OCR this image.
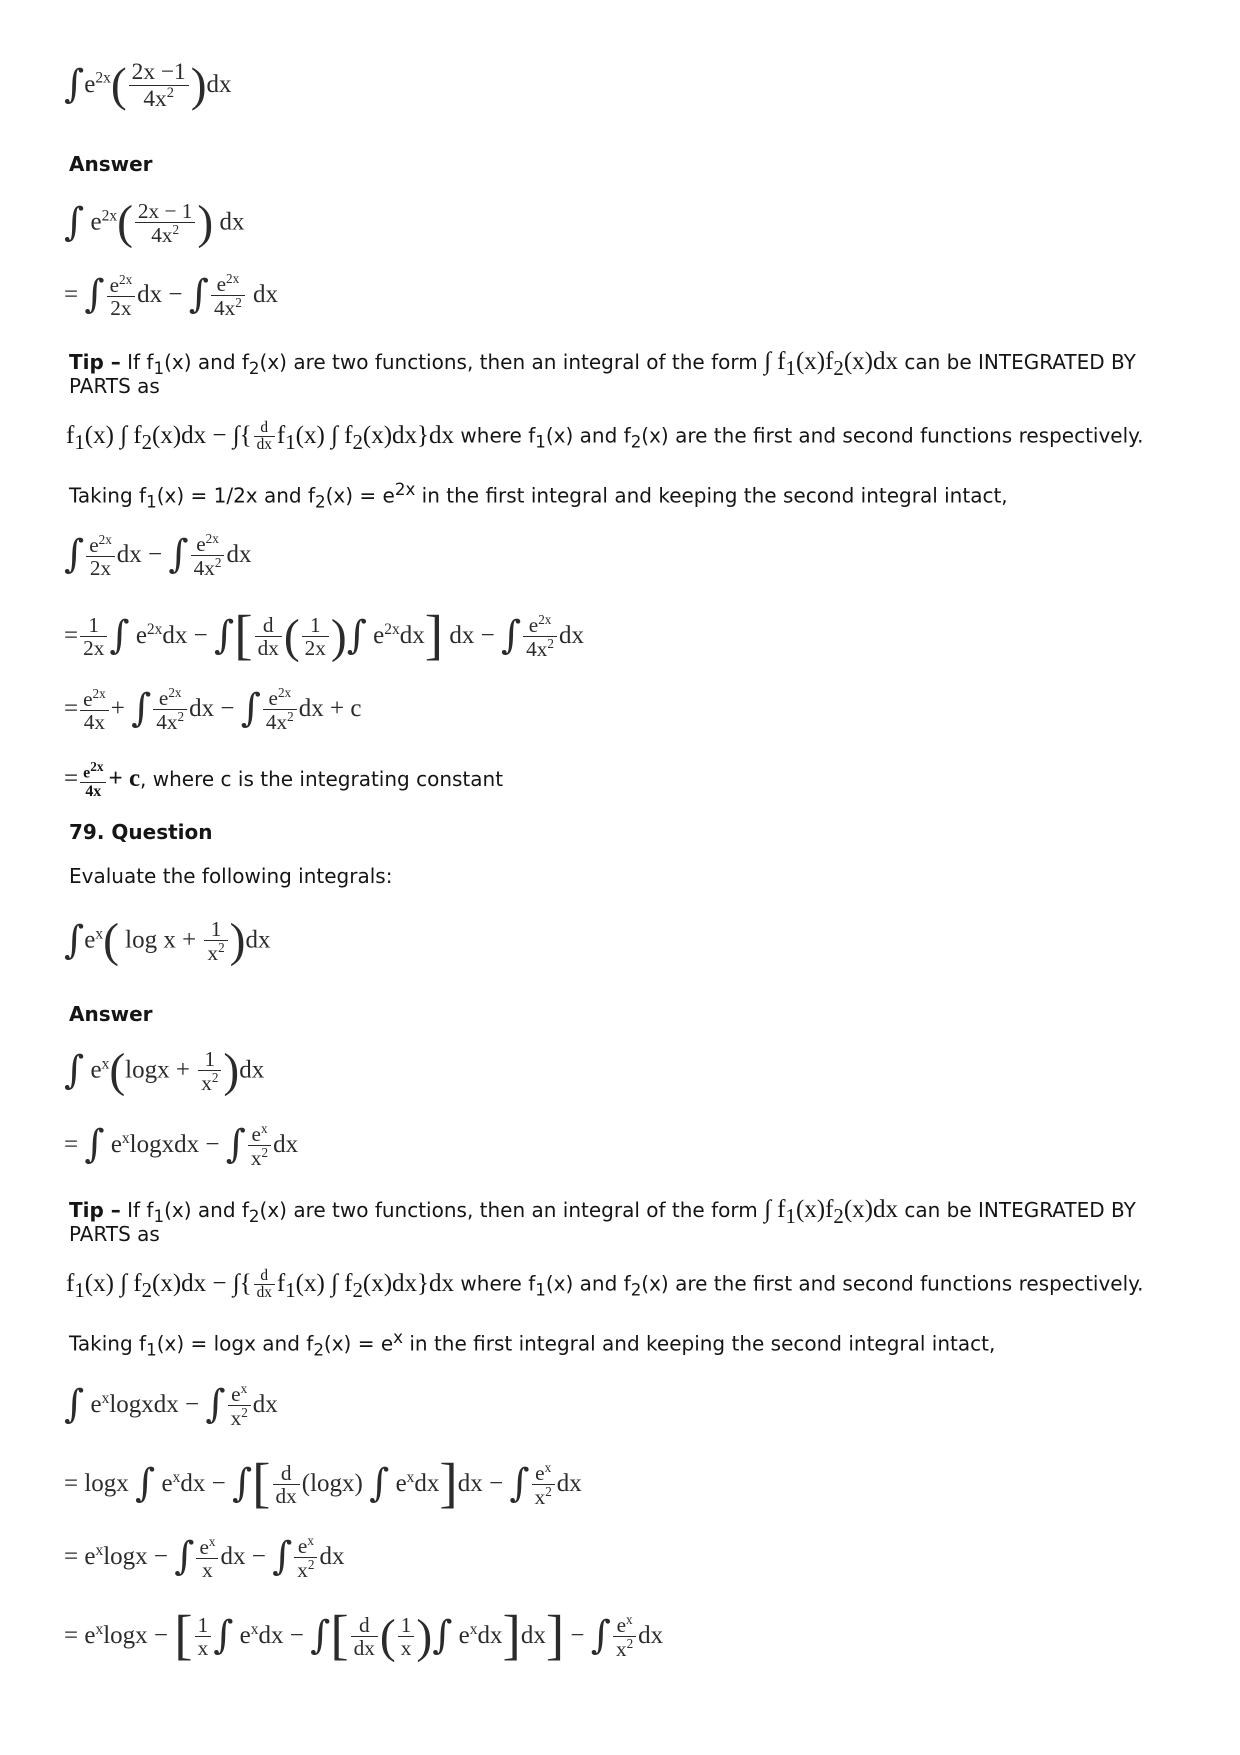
$\int e^{2x}( \frac{2x -1}{4x^2} )dx$
Answer
∫ $e^{2x}( \frac{2x - 1}{4x^2}$ ) dx
= ∫ $\frac{e^{2x}}{2x}$ dx − ∫ $\frac{e^{2x}}{4x^2}$ dx
Tip – If $f_1(x)$ and $f_2(x)$ are two functions, then an integral of the form ∫ $f_1(x)f_2(x)dx$ can be INTEGRATED BY
PARTS as
$f_1(x)$ ∫ $f_2(x)dx$ − ∫{ $\frac{d}{dx} f_1(x)$ ∫ $f_2(x)dx\}dx$ where $f_1(x)$ and $f_2(x)$ are the first and second functions respectively.
Taking $f_1(x) = 1/2x$ and $f_2(x) = e^{2x}$ in the first integral and keeping the second integral intact,
∫ $\frac{e^{2x}}{2x}$ dx − ∫ $\frac{e^{2x}}{4x^2}$ dx
= $\frac{1}{2x}$ ∫ $e^{2x}dx$ − ∫[ $\frac{d}{dx}$ ( $\frac{1}{2x}$ )∫ $e^{2x}dx$] dx − ∫ $\frac{e^{2x}}{4x^2}$ dx
= $\frac{e^{2x}}{4x}$ + ∫ $\frac{e^{2x}}{4x^2}$ dx − ∫ $\frac{e^{2x}}{4x^2}$ dx + c
= $\frac{e^{2x}}{4x} + c$, where c is the integrating constant
79. Question
Evaluate the following integrals:
$\int e^x$( $\log x + \frac{1}{x^2} )dx$
Answer
∫ $e^x(\log x + \frac{1}{x^2} )dx$
= ∫ $e^xlogxdx$ − ∫ $\frac{e^x}{x^2}$ dx
Tip – If $f_1(x)$ and $f_2(x)$ are two functions, then an integral of the form ∫ $f_1(x)f_2(x)dx$ can be INTEGRATED BY
PARTS as
$f_1(x)$ ∫ $f_2(x)dx$ − ∫{ $\frac{d}{dx} f_1(x)$ ∫ $f_2(x)dx\}dx$ where $f_1(x)$ and $f_2(x)$ are the first and second functions respectively.
Taking $f_1(x) = \log x$ and $f_2(x) = e^x$ in the first integral and keeping the second integral intact,
∫ $e^xlogxdx$ − ∫ $\frac{e^x}{x^2}$ dx
= logx ∫ $e^xdx$ − ∫[ $\frac{d}{dx} (\log x)$ ∫ $e^xdx]dx$ − ∫ $\frac{e^x}{x^2}$ dx
= $e^x\log x$ − ∫ $\frac{e^x}{x}$ dx − ∫ $\frac{e^x}{x^2}$ dx
= $e^x\log x$ − [ $\frac{1}{x}$ ∫ $e^xdx$ − ∫[ $\frac{d}{dx}$ ( $\frac{1}{x}$ )∫ $e^xdx]dx$] − ∫ $\frac{e^x}{x^2}$ dx
